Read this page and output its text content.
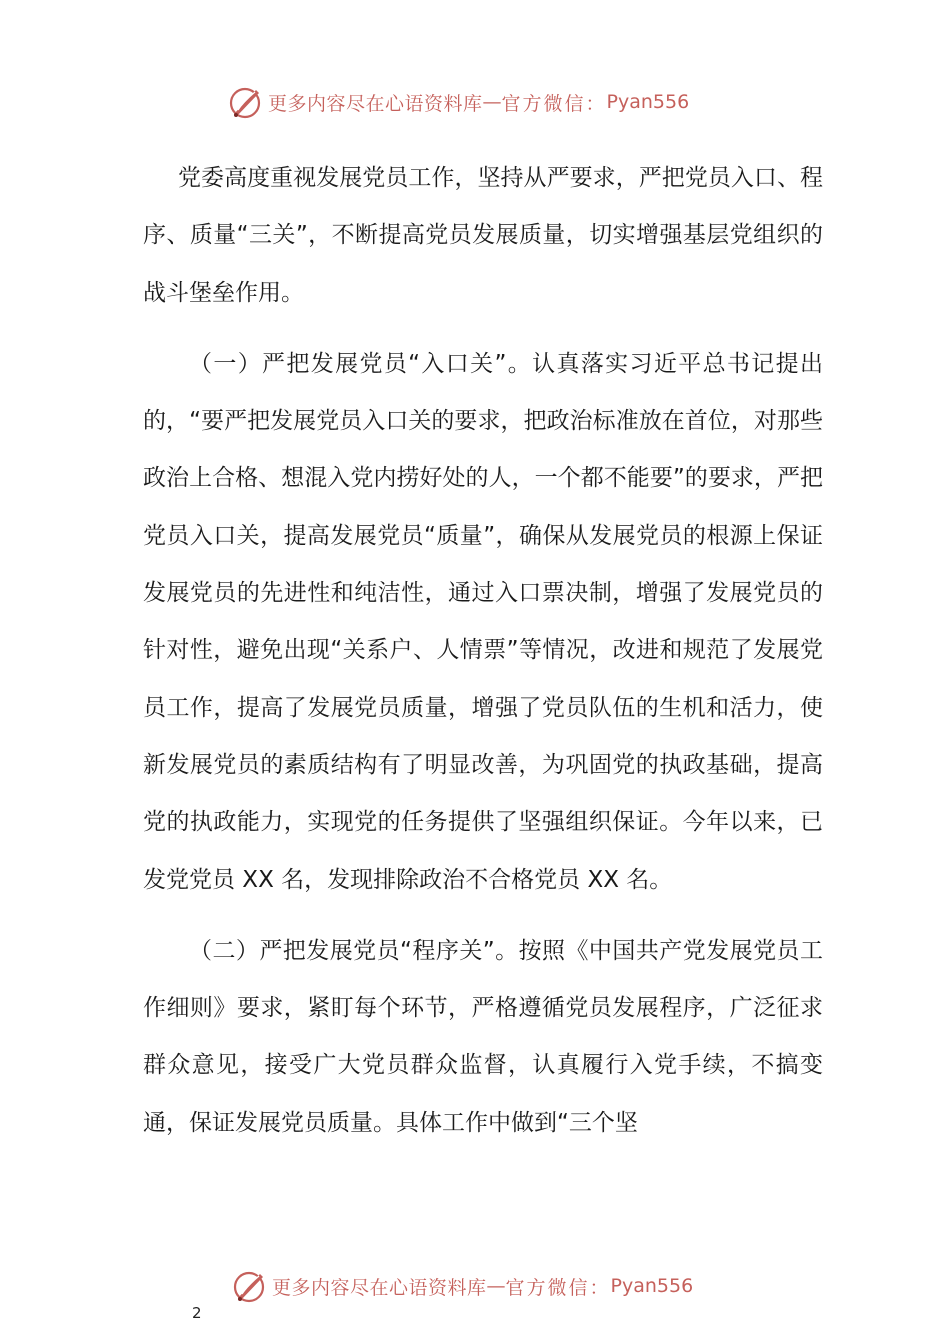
更多内容尽在心语资料库 — 官方微信： Pyan556

党委高度重视发展党员工作，坚持从严要求，严把党员入口、程序、质量“三关”，不断提高党员发展质量，切实增强基层党组织的战斗堡垒作用。

（一）严把发展党员“入口关”。认真落实习近平总书记提出的，“要严把发展党员入口关的要求，把政治标准放在首位，对那些政治上合格、想混入党内捞好处的人，一个都不能要”的要求，严把党员入口关，提高发展党员“质量”，确保从发展党员的根源上保证发展党员的先进性和纯洁性，通过入口票决制，增强了发展党员的针对性，避免出现“关系户、人情票”等情况，改进和规范了发展党员工作，提高了发展党员质量，增强了党员队伍的生机和活力，使新发展党员的素质结构有了明显改善，为巩固党的执政基础，提高党的执政能力，实现党的任务提供了坚强组织保证。今年以来，已发党党员 XX 名，发现排除政治不合格党员 XX 名。

（二）严把发展党员“程序关”。按照《中国共产党发展党员工作细则》要求，紧盯每个环节，严格遵循党员发展程序，广泛征求群众意见，接受广大党员群众监督，认真履行入党手续，不搞变通，保证发展党员质量。具体工作中做到“三个坚

更多内容尽在心语资料库 — 官方微信： Pyan556
2
